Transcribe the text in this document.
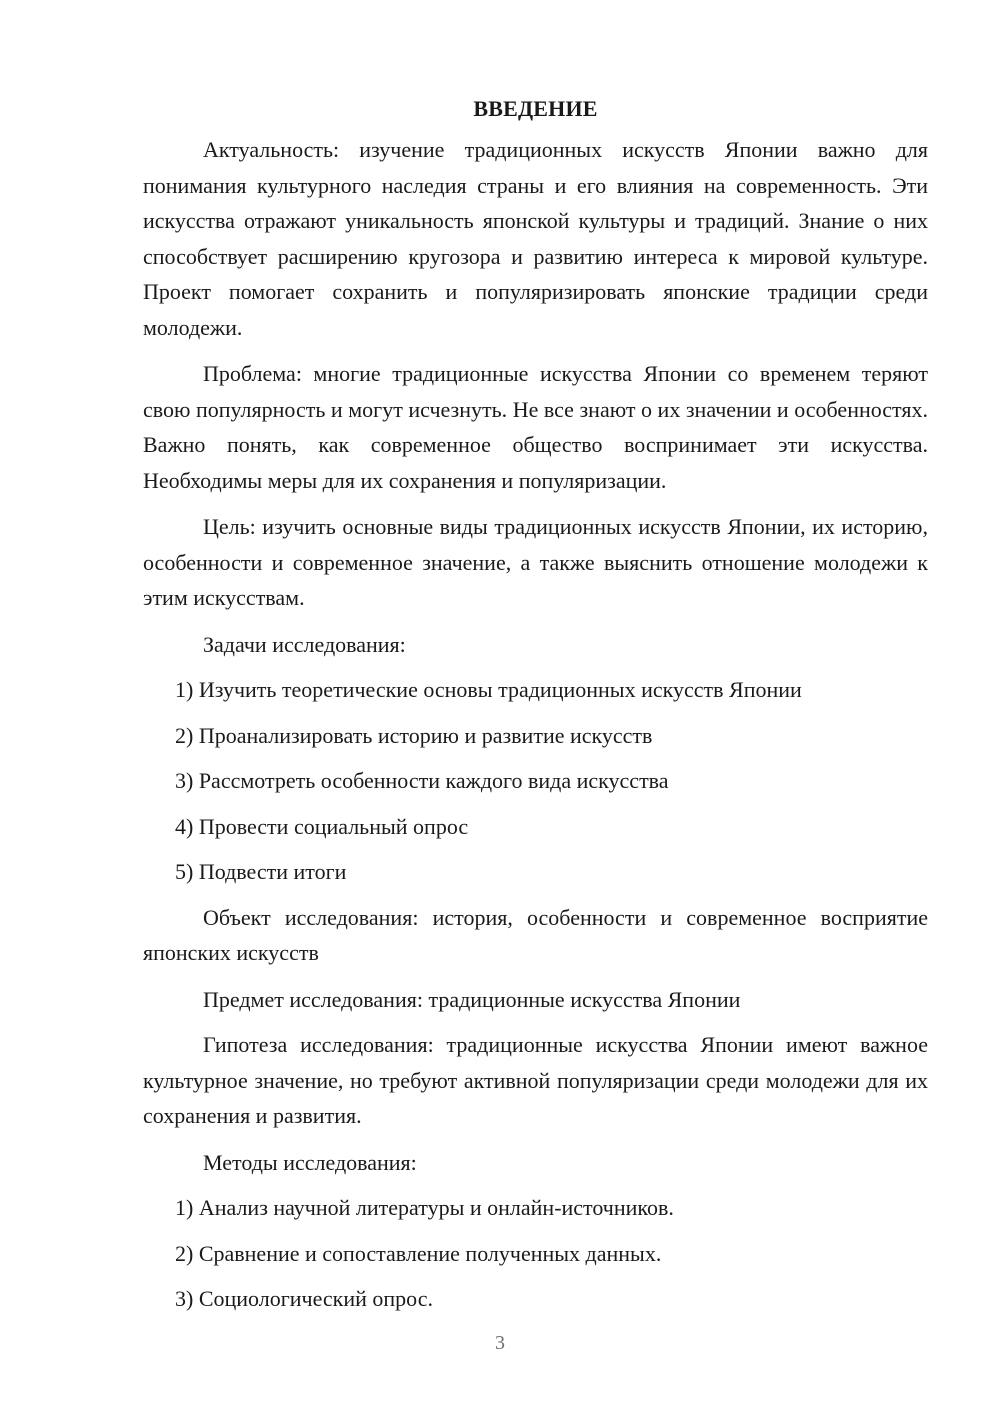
ВВЕДЕНИЕ

Актуальность: изучение традиционных искусств Японии важно для понимания культурного наследия страны и его влияния на современность. Эти искусства отражают уникальность японской культуры и традиций. Знание о них способствует расширению кругозора и развитию интереса к мировой культуре. Проект помогает сохранить и популяризировать японские традиции среди молодежи.

Проблема: многие традиционные искусства Японии со временем теряют свою популярность и могут исчезнуть. Не все знают о их значении и особенностях. Важно понять, как современное общество воспринимает эти искусства. Необходимы меры для их сохранения и популяризации.

Цель: изучить основные виды традиционных искусств Японии, их историю, особенности и современное значение, а также выяснить отношение молодежи к этим искусствам.

Задачи исследования:

1) Изучить теоретические основы традиционных искусств Японии

2) Проанализировать историю и развитие искусств

3) Рассмотреть особенности каждого вида искусства

4) Провести социальный опрос

5) Подвести итоги

Объект исследования: история, особенности и современное восприятие японских искусств

Предмет исследования: традиционные искусства Японии

Гипотеза исследования: традиционные искусства Японии имеют важное культурное значение, но требуют активной популяризации среди молодежи для их сохранения и развития.

Методы исследования:

1) Анализ научной литературы и онлайн-источников.

2) Сравнение и сопоставление полученных данных.

3) Социологический опрос.

3
